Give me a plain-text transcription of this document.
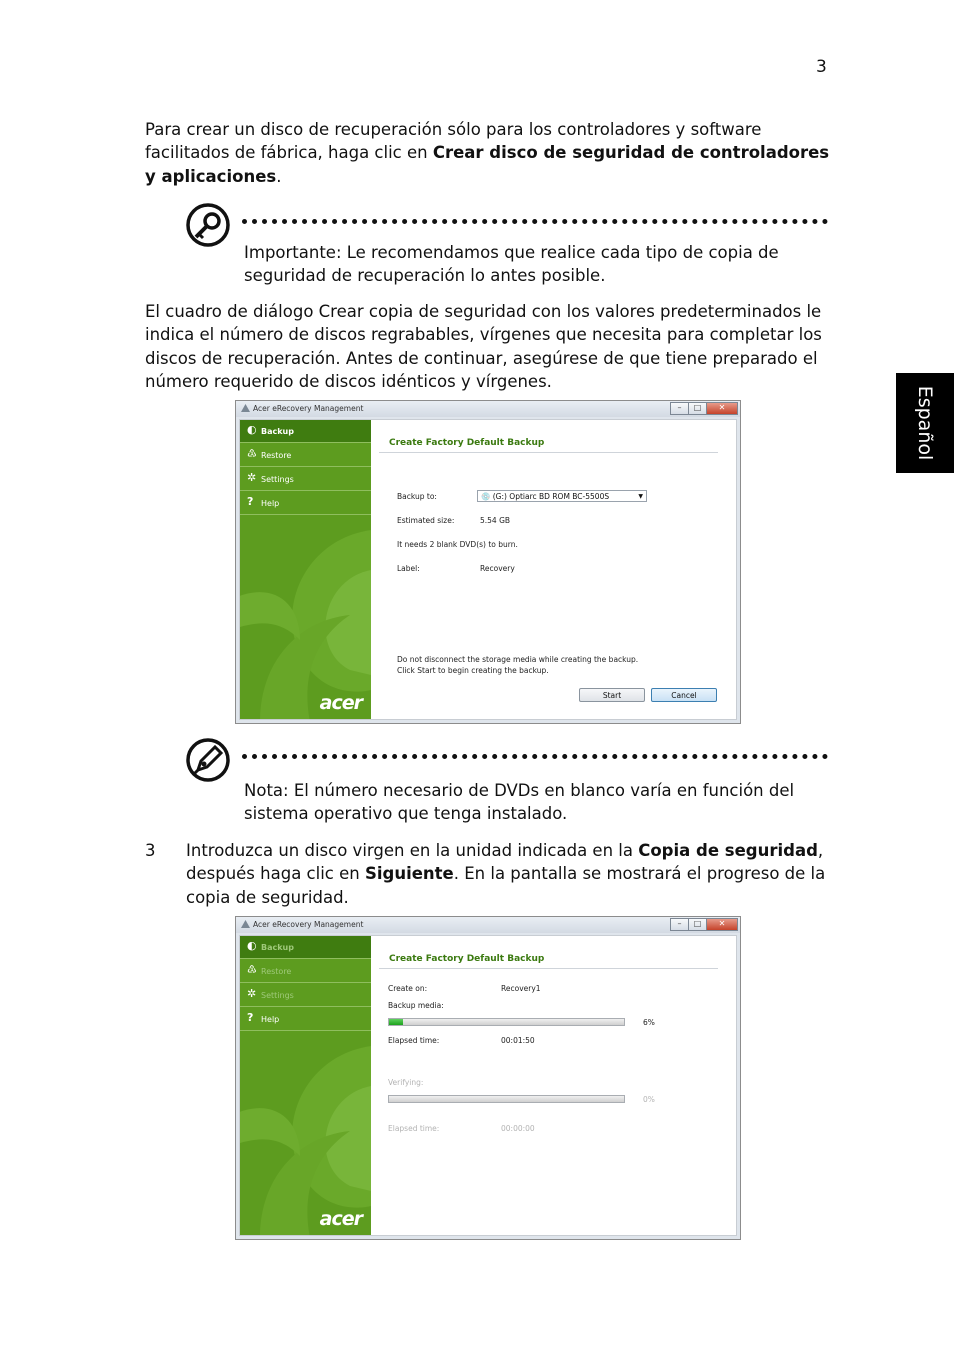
3
Español
Para crear un disco de recuperación sólo para los controladores y software facilitados de fábrica, haga clic en Crear disco de seguridad de controladores y aplicaciones.
Importante: Le recomendamos que realice cada tipo de copia de seguridad de recuperación lo antes posible.
El cuadro de diálogo Crear copia de seguridad con los valores predeterminados le indica el número de discos regrabables, vírgenes que necesita para completar los discos de recuperación. Antes de continuar, asegúrese de que tiene preparado el número requerido de discos idénticos y vírgenes.
Acer eRecovery Management	–	□	✕
◐ Backup
♳ Restore
✲ Settings
? Help
acer
Create Factory Default Backup
Backup to:	💿 (G:) Optiarc BD ROM BC-5500S	▼
Estimated size:	5.54 GB
It needs 2 blank DVD(s) to burn.
Label:	Recovery
Do not disconnect the storage media while creating the backup.
Click Start to begin creating the backup.
Start	Cancel
Nota: El número necesario de DVDs en blanco varía en función del sistema operativo que tenga instalado.
3 Introduzca un disco virgen en la unidad indicada en la Copia de seguridad, después haga clic en Siguiente. En la pantalla se mostrará el progreso de la copia de seguridad.
Acer eRecovery Management	–	□	✕
◐ Backup
♳ Restore
✲ Settings
? Help
acer
Create Factory Default Backup
Create on:	Recovery1
Backup media:
6%
Elapsed time:	00:01:50
Verifying:
0%
Elapsed time:	00:00:00
